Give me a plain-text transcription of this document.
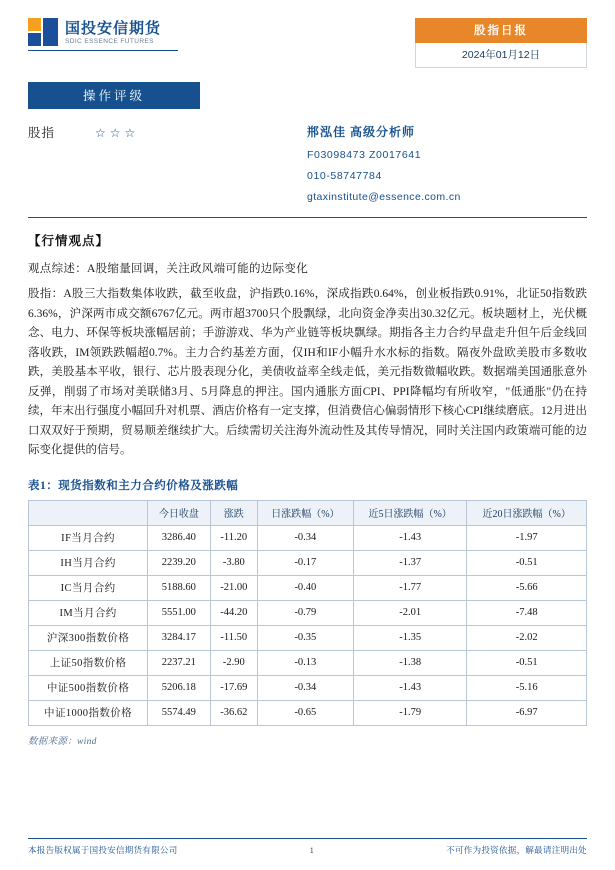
国投安信期货
SDIC ESSENCE FUTURES
股指日报
2024年01月12日
操作评级
股指	☆☆☆	郱泓佳 高级分析师
F03098473 Z0017641
010-58747784
gtaxinstitute@essence.com.cn
【行情观点】
观点综述：A股缩量回调，关注政风端可能的边际变化
股指：A股三大指数集体收跌，截至收盘，沪指跌0.16%，深成指跌0.64%，创业板指跌0.91%，北证50指数跌6.36%，沪深两市成交额6767亿元。两市超3700只个股飘绿，北向资金净卖出30.32亿元。板块题材上，光伏概念、电力、环保等板块涨幅居前；手游游戏、华为产业链等板块飘绿。期指各主力合约早盘走升但午后金线回落收跌，IM领跌跌幅超0.7%。主力合约基差方面，仅IH和IF小幅升水水标的指数。隔夜外盘欧美股市多数收跌，美股基本平收，银行、芯片股表现分化，美债收益率全线走低，美元指数微幅收跌。数据端美国通胀意外反弹，削弱了市场对美联储3月、5月降息的押注。国内通胀方面CPI、PPI降幅均有所收窄，"低通胀"仍在持续，年末出行强度小幅回升对机票、酒店价格有一定支撑，但消费信心偏弱情形下核心CPI继续磨底。12月进出口双双好于预期，贸易顺差继续扩大。后续需切关注海外流动性及其传导情况，同时关注国内政策端可能的边际变化提供的信号。
表1：现货指数和主力合约价格及涨跌幅
	今日收盘	涨跌	日涨跌幅（%）	近5日涨跌幅（%）	近20日涨跌幅（%）
IF当月合约	3286.40	-11.20	-0.34	-1.43	-1.97
IH当月合约	2239.20	-3.80	-0.17	-1.37	-0.51
IC当月合约	5188.60	-21.00	-0.40	-1.77	-5.66
IM当月合约	5551.00	-44.20	-0.79	-2.01	-7.48
沪深300指数价格	3284.17	-11.50	-0.35	-1.35	-2.02
上证50指数价格	2237.21	-2.90	-0.13	-1.38	-0.51
中证500指数价格	5206.18	-17.69	-0.34	-1.43	-5.16
中证1000指数价格	5574.49	-36.62	-0.65	-1.79	-6.97
数据来源：wind
本报告版权属于国投安信期货有限公司	1	不可作为投资依据，解最请注明出处
